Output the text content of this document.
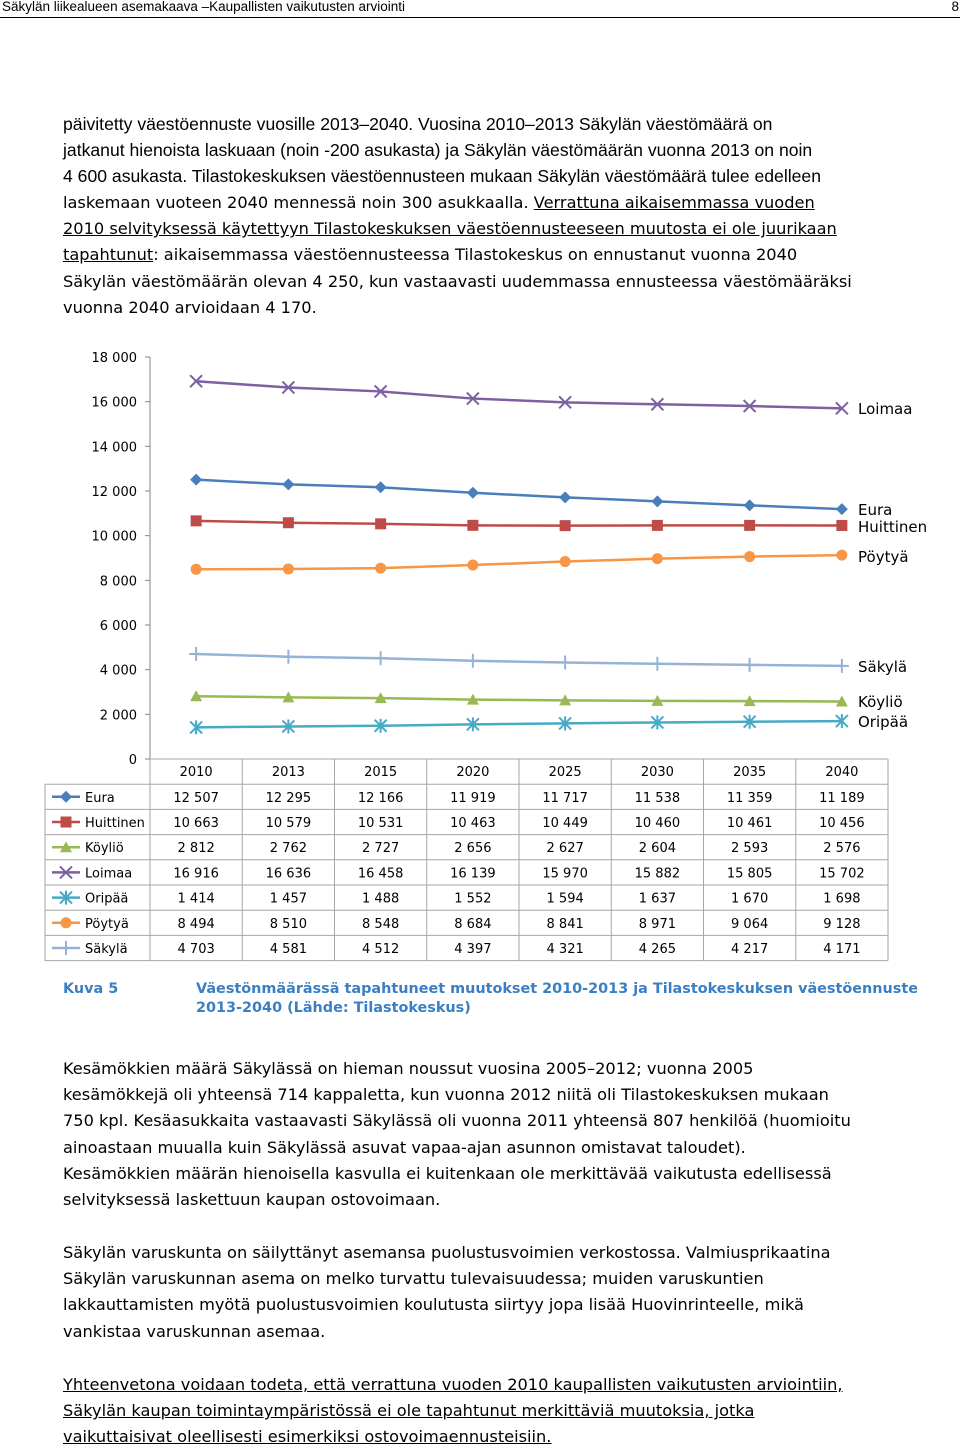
Säkylän liikealueen asemakaava –Kaupallisten vaikutusten arviointi	8
päivitetty väestöennuste vuosille 2013–2040. Vuosina 2010–2013 Säkylän väestömäärä on
jatkanut hienoista laskuaan (noin -200 asukasta) ja Säkylän väestömäärän vuonna 2013 on noin
4 600 asukasta. Tilastokeskuksen väestöennusteen mukaan Säkylän väestömäärä tulee edelleen
laskemaan vuoteen 2040 mennessä noin 300 asukkaalla. Verrattuna aikaisemmassa vuoden
2010 selvityksessä käytettyyn Tilastokeskuksen väestöennusteeseen muutosta ei ole juurikaan
tapahtunut: aikaisemmassa väestöennusteessa Tilastokeskus on ennustanut vuonna 2040
Säkylän väestömäärän olevan 4 250, kun vastaavasti uudemmassa ennusteessa väestömääräksi
vuonna 2040 arvioidaan 4 170.
0
2 000
4 000
6 000
8 000
10 000
12 000
14 000
16 000
18 000
Loimaa
Eura
Huittinen
Pöytyä
Säkylä
Köyliö
Oripää
2010	2013	2015	2020	2025	2030	2035	2040
Eura	12 507	12 295	12 166	11 919	11 717	11 538	11 359	11 189
Huittinen 10 663	10 579	10 531	10 463	10 449	10 460	10 461	10 456
Köyliö	2 812	2 762	2 727	2 656	2 627	2 604	2 593	2 576
Loimaa	16 916	16 636	16 458	16 139	15 970	15 882	15 805	15 702
Oripää	1 414	1 457	1 488	1 552	1 594	1 637	1 670	1 698
Pöytyä	8 494	8 510	8 548	8 684	8 841	8 971	9 064	9 128
Säkylä	4 703	4 581	4 512	4 397	4 321	4 265	4 217	4 171
Kuva 5	Väestönmäärässä tapahtuneet muutokset 2010-2013 ja Tilastokeskuksen väestöennuste 2013-2040 (Lähde: Tilastokeskus)
Kesämökkien määrä Säkylässä on hieman noussut vuosina 2005–2012; vuonna 2005
kesämökkejä oli yhteensä 714 kappaletta, kun vuonna 2012 niitä oli Tilastokeskuksen mukaan
750 kpl. Kesäasukkaita vastaavasti Säkylässä oli vuonna 2011 yhteensä 807 henkilöä (huomioitu
ainoastaan muualla kuin Säkylässä asuvat vapaa-ajan asunnon omistavat taloudet).
Kesämökkien määrän hienoisella kasvulla ei kuitenkaan ole merkittävää vaikutusta edellisessä
selvityksessä laskettuun kaupan ostovoimaan.
Säkylän varuskunta on säilyttänyt asemansa puolustusvoimien verkostossa. Valmiusprikaatina
Säkylän varuskunnan asema on melko turvattu tulevaisuudessa; muiden varuskuntien
lakkauttamisten myötä puolustusvoimien koulutusta siirtyy jopa lisää Huovinrinteelle, mikä
vankistaa varuskunnan asemaa.
Yhteenvetona voidaan todeta, että verrattuna vuoden 2010 kaupallisten vaikutusten arviointiin,
Säkylän kaupan toimintaympäristössä ei ole tapahtunut merkittäviä muutoksia, jotka
vaikuttaisivat oleellisesti esimerkiksi ostovoimaennusteisiin.
